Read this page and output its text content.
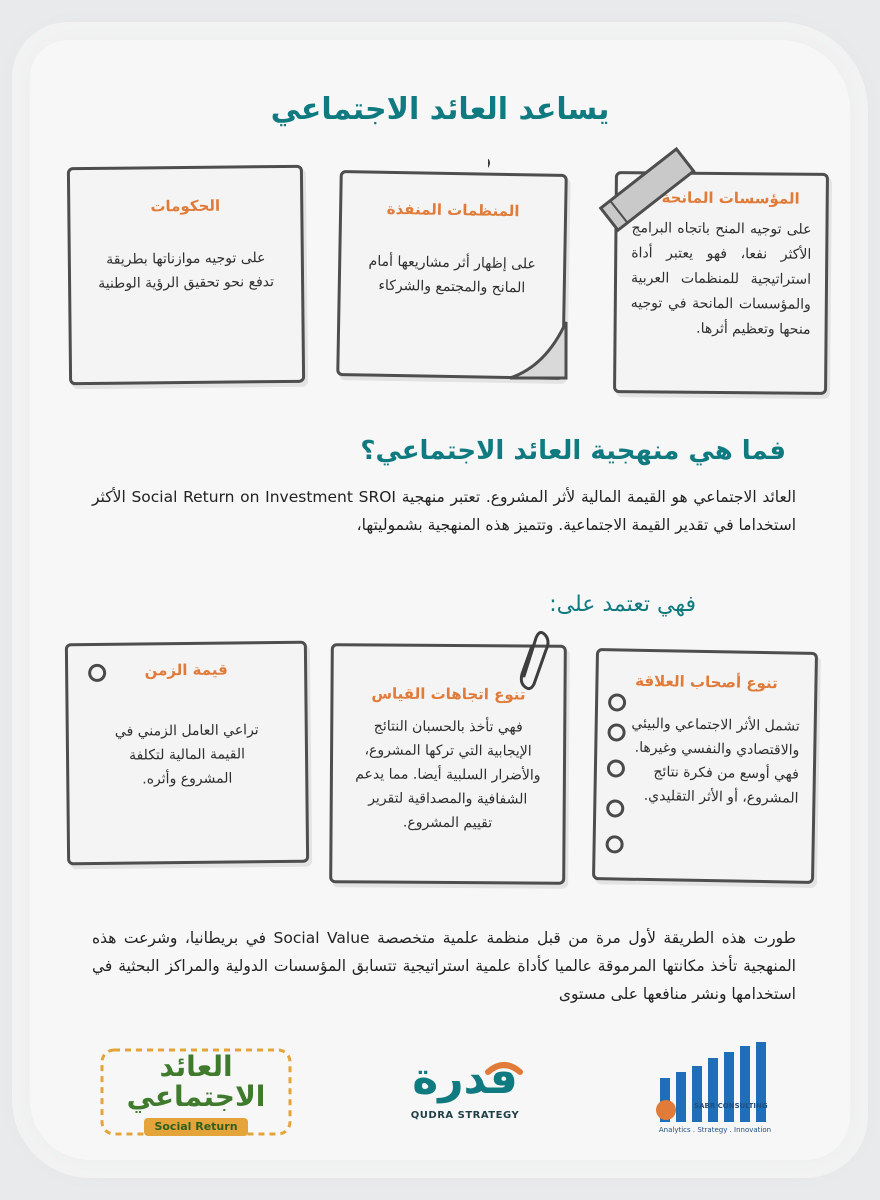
يساعد العائد الاجتماعي
الحكومات
على توجيه موازناتها بطريقة تدفع نحو تحقيق الرؤية الوطنية
المنظمات المنفذة
على إظهار أثر مشاريعها أمام المانح والمجتمع والشركاء
المؤسسات المانحة
على توجيه المنح باتجاه البرامج الأكثر نفعا، فهو يعتبر أداة استراتيجية للمنظمات العربية والمؤسسات المانحة في توجيه منحها وتعظيم أثرها.
فما هي منهجية العائد الاجتماعي؟
العائد الاجتماعي هو القيمة المالية لأثر المشروع. تعتبر منهجية Social Return on Investment SROI الأكثر استخداما في تقدير القيمة الاجتماعية. وتتميز هذه المنهجية بشموليتها،
فهي تعتمد على:
قيمة الزمن
تراعي العامل الزمني في القيمة المالية لتكلفة المشروع وأثره.
تنوع اتجاهات القياس
فهي تأخذ بالحسبان النتائج الإيجابية التي تركها المشروع، والأضرار السلبية أيضا. مما يدعم الشفافية والمصداقية لتقرير تقييم المشروع.
تنوع أصحاب العلاقة
تشمل الأثر الاجتماعي والبيئي والاقتصادي والنفسي وغيرها. فهي أوسع من فكرة نتائج المشروع، أو الأثر التقليدي.
طورت هذه الطريقة لأول مرة من قبل منظمة علمية متخصصة Social Value في بريطانيا، وشرعت هذه المنهجية تأخذ مكانتها المرموقة عالميا كأداة علمية استراتيجية تتسابق المؤسسات الدولية والمراكز البحثية في استخدامها ونشر منافعها على مستوى
العائد
الاجتماعي
Social Return
قدرة
QUDRA STRATEGY
SABR CONSULTING
Analytics . Strategy . Innovation
